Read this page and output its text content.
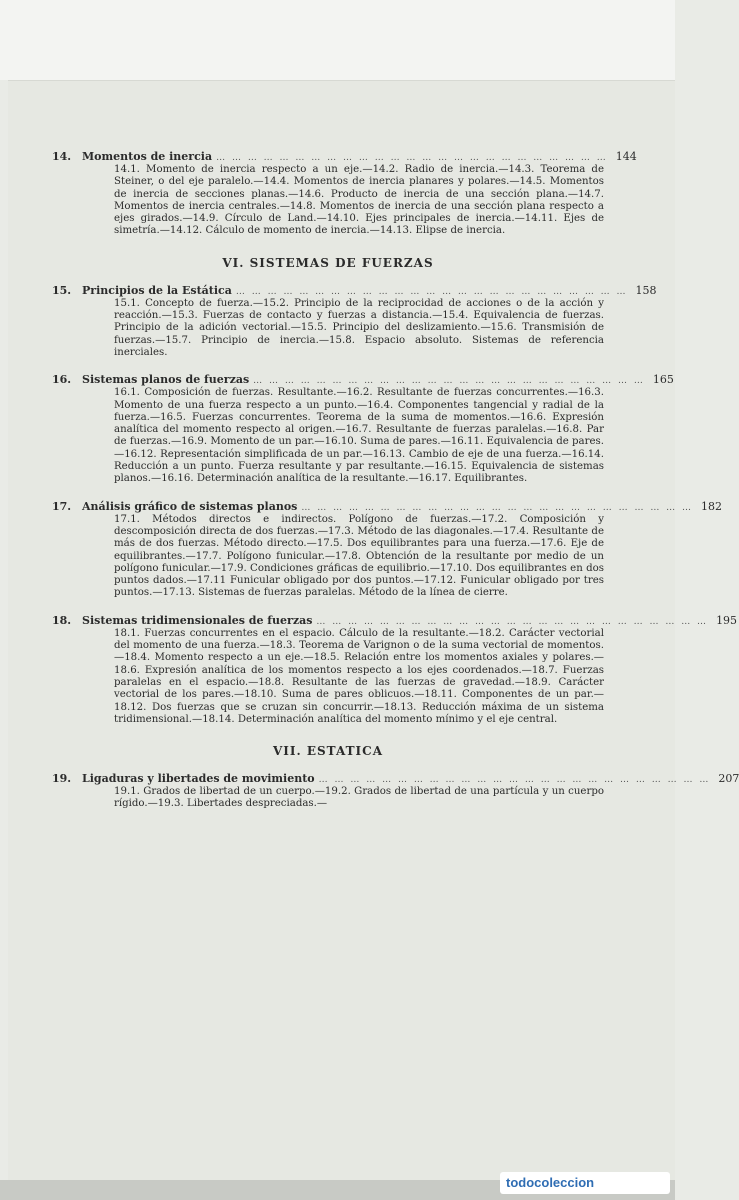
14. Momentos de inercia … … … … … … … … … … … … … … … … … … … … … … … … … 144
14.1. Momento de inercia respecto a un eje.—14.2. Radio de inercia.—14.3. Teorema de Steiner, o del eje paralelo.—14.4. Momentos de inercia planares y polares.—14.5. Momentos de inercia de secciones planas.—14.6. Producto de inercia de una sección plana.—14.7. Momentos de inercia centrales.—14.8. Momentos de inercia de una sección plana respecto a ejes girados.—14.9. Círculo de Land.—14.10. Ejes principales de inercia.—14.11. Ejes de simetría.—14.12. Cálculo de momento de inercia.—14.13. Elipse de inercia.
VI. SISTEMAS DE FUERZAS
15. Principios de la Estática … … … … … … … … … … … … … … … … … … … … … … … … … 158
15.1. Concepto de fuerza.—15.2. Principio de la reciprocidad de acciones o de la acción y reacción.—15.3. Fuerzas de contacto y fuerzas a distancia.—15.4. Equivalencia de fuerzas. Principio de la adición vectorial.—15.5. Principio del deslizamiento.—15.6. Transmisión de fuerzas.—15.7. Principio de inercia.—15.8. Espacio absoluto. Sistemas de referencia inerciales.
16. Sistemas planos de fuerzas … … … … … … … … … … … … … … … … … … … … … … … … … 165
16.1. Composición de fuerzas. Resultante.—16.2. Resultante de fuerzas concurrentes.—16.3. Momento de una fuerza respecto a un punto.—16.4. Componentes tangencial y radial de la fuerza.—16.5. Fuerzas concurrentes. Teorema de la suma de momentos.—16.6. Expresión analítica del momento respecto al origen.—16.7. Resultante de fuerzas paralelas.—16.8. Par de fuerzas.—16.9. Momento de un par.—16.10. Suma de pares.—16.11. Equivalencia de pares.—16.12. Representación simplificada de un par.—16.13. Cambio de eje de una fuerza.—16.14. Reducción a un punto. Fuerza resultante y par resultante.—16.15. Equivalencia de sistemas planos.—16.16. Determinación analítica de la resultante.—16.17. Equilibrantes.
17. Análisis gráfico de sistemas planos … … … … … … … … … … … … … … … … … … … … … … … … … 182
17.1. Métodos directos e indirectos. Polígono de fuerzas.—17.2. Composición y descomposición directa de dos fuerzas.—17.3. Método de las diagonales.—17.4. Resultante de más de dos fuerzas. Método directo.—17.5. Dos equilibrantes para una fuerza.—17.6. Eje de equilibrantes.—17.7. Polígono funicular.—17.8. Obtención de la resultante por medio de un polígono funicular.—17.9. Condiciones gráficas de equilibrio.—17.10. Dos equilibrantes en dos puntos dados.—17.11 Funicular obligado por dos puntos.—17.12. Funicular obligado por tres puntos.—17.13. Sistemas de fuerzas paralelas. Método de la línea de cierre.
18. Sistemas tridimensionales de fuerzas … … … … … … … … … … … … … … … … … … … … … … … … … 195
18.1. Fuerzas concurrentes en el espacio. Cálculo de la resultante.—18.2. Carácter vectorial del momento de una fuerza.—18.3. Teorema de Varignon o de la suma vectorial de momentos.—18.4. Momento respecto a un eje.—18.5. Relación entre los momentos axiales y polares.—18.6. Expresión analítica de los momentos respecto a los ejes coordenados.—18.7. Fuerzas paralelas en el espacio.—18.8. Resultante de las fuerzas de gravedad.—18.9. Carácter vectorial de los pares.—18.10. Suma de pares oblicuos.—18.11. Componentes de un par.—18.12. Dos fuerzas que se cruzan sin concurrir.—18.13. Reducción máxima de un sistema tridimensional.—18.14. Determinación analítica del momento mínimo y el eje central.
VII. ESTATICA
19. Ligaduras y libertades de movimiento … … … … … … … … … … … … … … … … … … … … … … … … … 207
19.1. Grados de libertad de un cuerpo.—19.2. Grados de libertad de una partícula y un cuerpo rígido.—19.3. Libertades despreciadas.—
todocoleccion
